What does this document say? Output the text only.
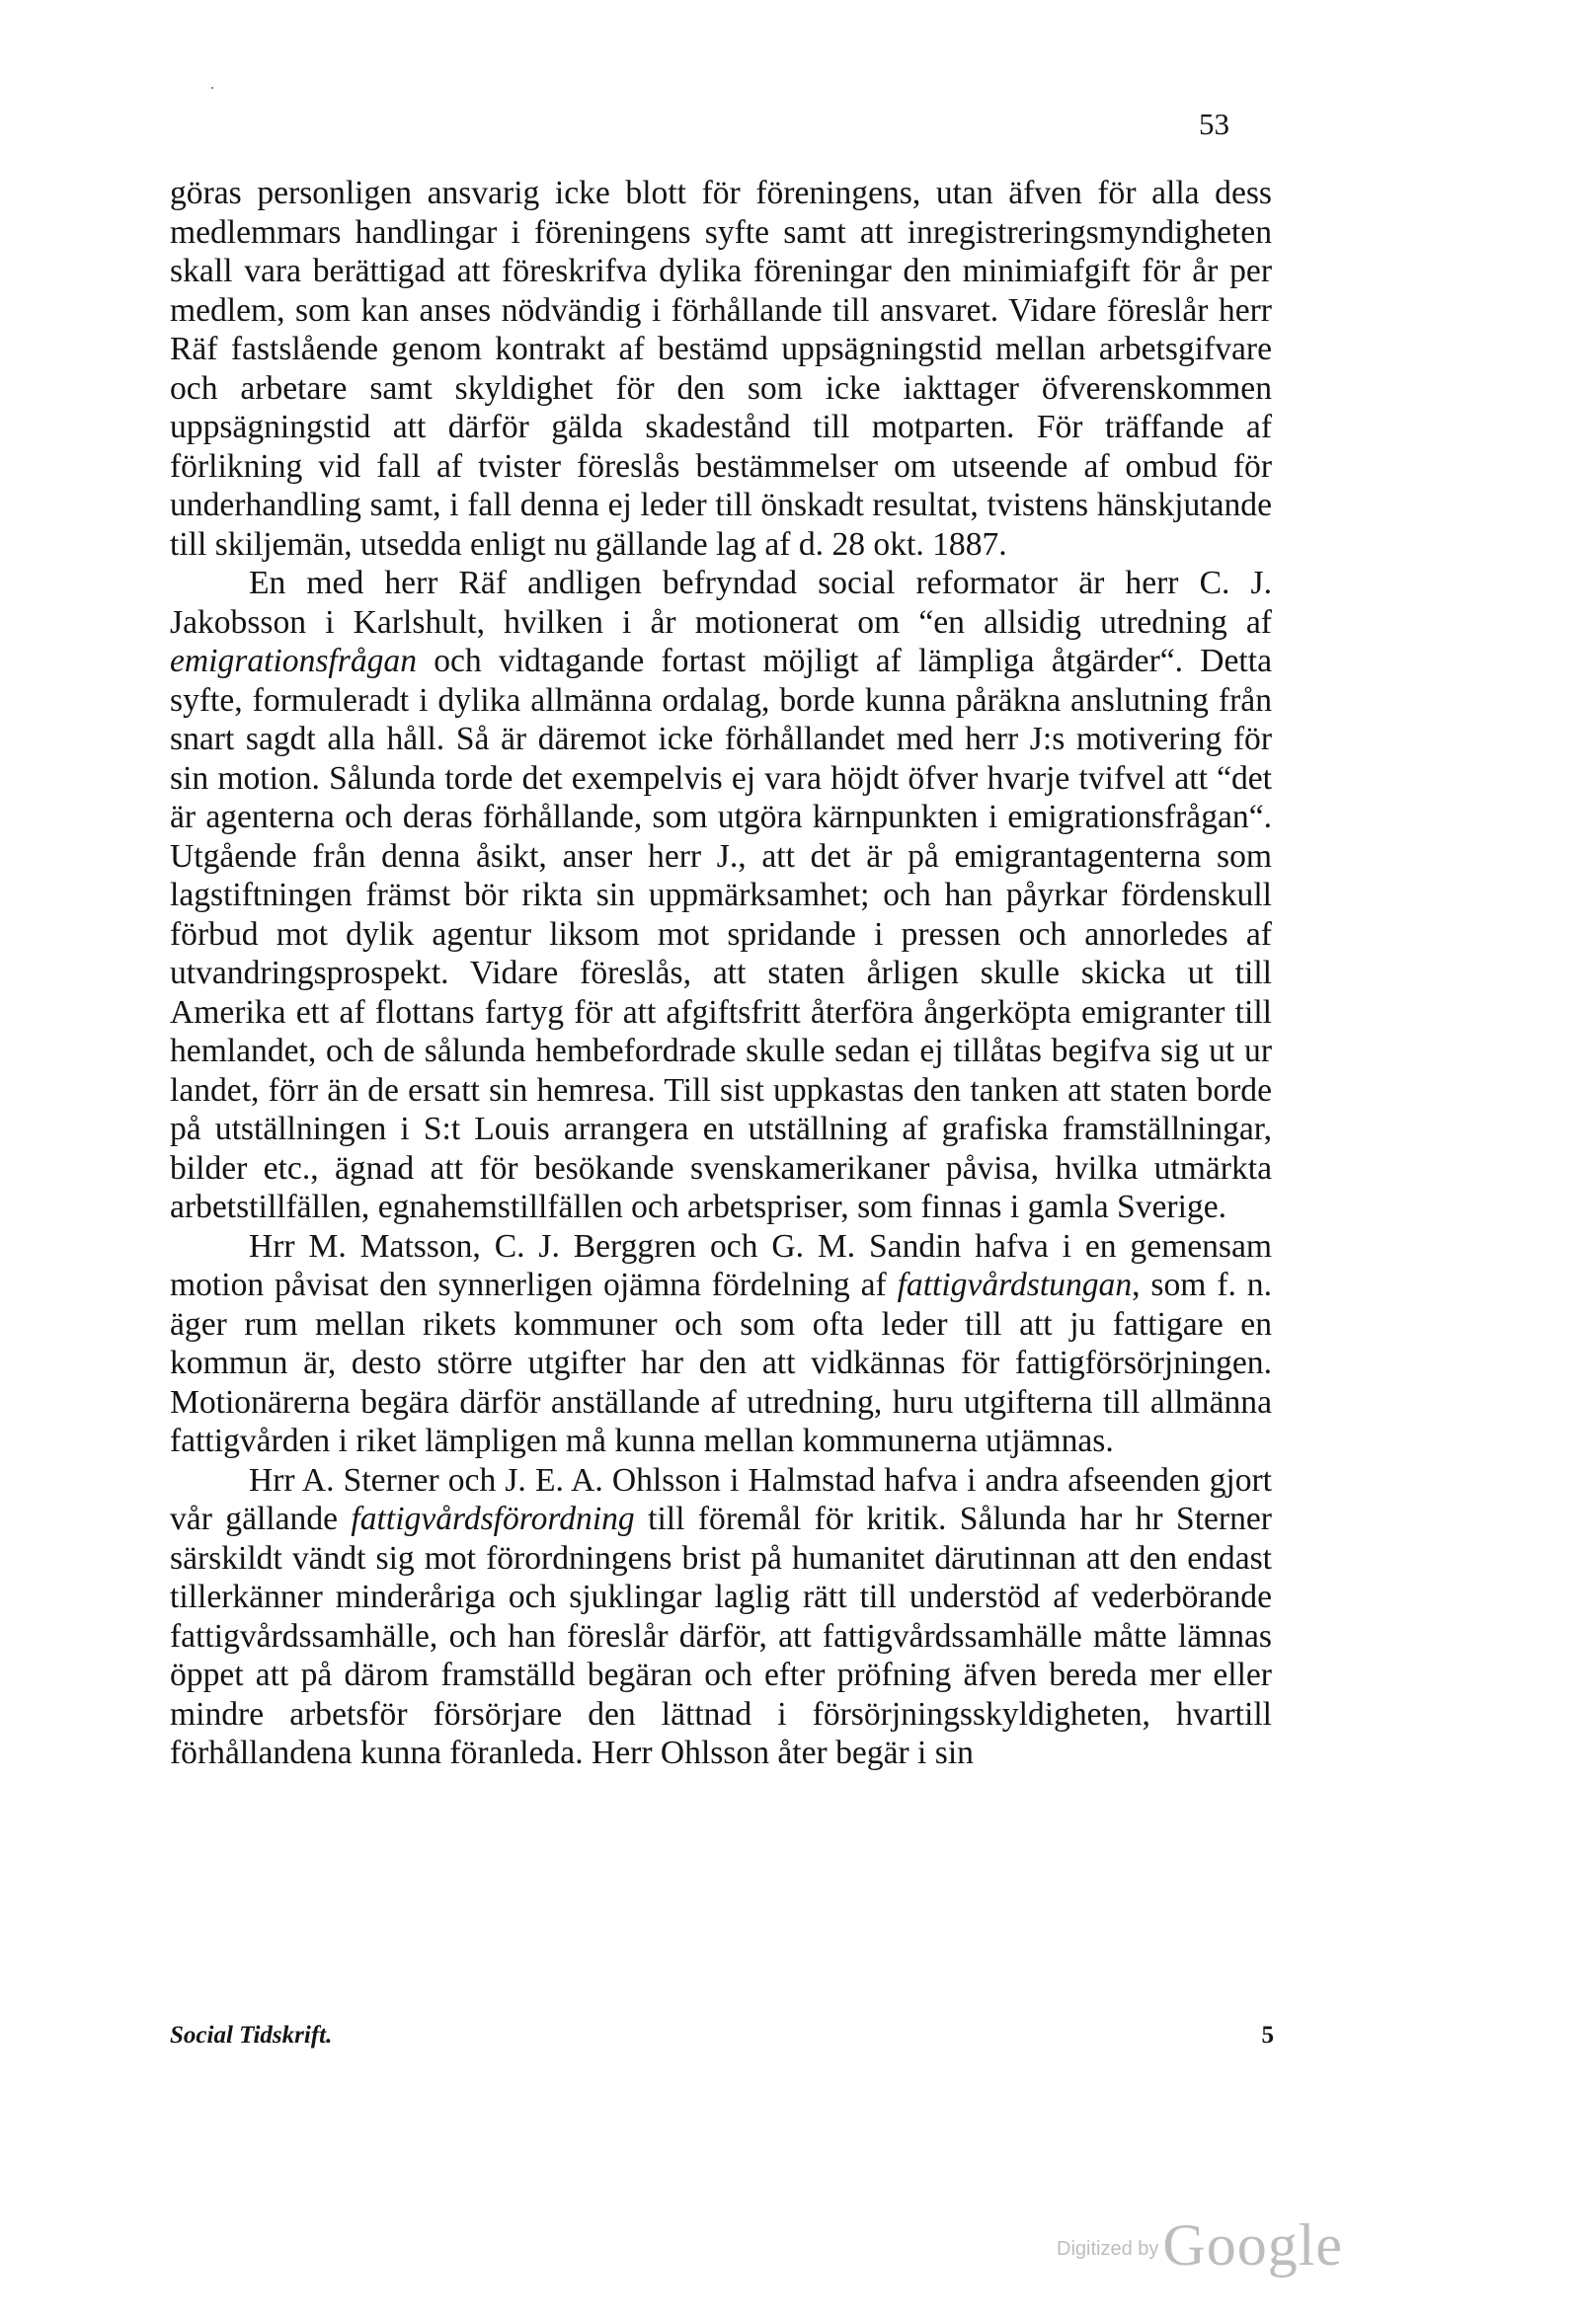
53

göras personligen ansvarig icke blott för föreningens, utan äfven för alla dess medlemmars handlingar i föreningens syfte samt att inregistreringsmyndigheten skall vara berättigad att föreskrifva dylika föreningar den minimiafgift för år per medlem, som kan anses nödvändig i förhållande till ansvaret. Vidare föreslår herr Räf fastslående genom kontrakt af bestämd uppsägningstid mellan arbetsgifvare och arbetare samt skyldighet för den som icke iakttager öfverenskommen uppsägningstid att därför gälda skadestånd till motparten. För träffande af förlikning vid fall af tvister föreslås bestämmelser om utseende af ombud för underhandling samt, i fall denna ej leder till önskadt resultat, tvistens hänskjutande till skiljemän, utsedda enligt nu gällande lag af d. 28 okt. 1887.

En med herr Räf andligen befryndad social reformator är herr C. J. Jakobsson i Karlshult, hvilken i år motionerat om “en allsidig utredning af emigrationsfrågan och vidtagande fortast möjligt af lämpliga åtgärder“. Detta syfte, formuleradt i dylika allmänna ordalag, borde kunna påräkna anslutning från snart sagdt alla håll. Så är däremot icke förhållandet med herr J:s motivering för sin motion. Sålunda torde det exempelvis ej vara höjdt öfver hvarje tvifvel att “det är agenterna och deras förhållande, som utgöra kärnpunkten i emigrationsfrågan“. Utgående från denna åsikt, anser herr J., att det är på emigrantagenterna som lagstiftningen främst bör rikta sin uppmärksamhet; och han påyrkar fördenskull förbud mot dylik agentur liksom mot spridande i pressen och annorledes af utvandringsprospekt. Vidare föreslås, att staten årligen skulle skicka ut till Amerika ett af flottans fartyg för att afgiftsfritt återföra ångerköpta emigranter till hemlandet, och de sålunda hembefordrade skulle sedan ej tillåtas begifva sig ut ur landet, förr än de ersatt sin hemresa. Till sist uppkastas den tanken att staten borde på utställningen i S:t Louis arrangera en utställning af grafiska framställningar, bilder etc., ägnad att för besökande svenskamerikaner påvisa, hvilka utmärkta arbetstillfällen, egnahemstillfällen och arbetspriser, som finnas i gamla Sverige.

Hrr M. Matsson, C. J. Berggren och G. M. Sandin hafva i en gemensam motion påvisat den synnerligen ojämna fördelning af fattigvårdstungan, som f. n. äger rum mellan rikets kommuner och som ofta leder till att ju fattigare en kommun är, desto större utgifter har den att vidkännas för fattigförsörjningen. Motionärerna begära därför anställande af utredning, huru utgifterna till allmänna fattigvården i riket lämpligen må kunna mellan kommunerna utjämnas.

Hrr A. Sterner och J. E. A. Ohlsson i Halmstad hafva i andra afseenden gjort vår gällande fattigvårdsförordning till föremål för kritik. Sålunda har hr Sterner särskildt vändt sig mot förordningens brist på humanitet därutinnan att den endast tillerkänner minderåriga och sjuklingar laglig rätt till understöd af vederbörande fattigvårdssamhälle, och han föreslår därför, att fattigvårdssamhälle måtte lämnas öppet att på därom framställd begäran och efter pröfning äfven bereda mer eller mindre arbetsför försörjare den lättnad i försörjningsskyldigheten, hvartill förhållandena kunna föranleda. Herr Ohlsson åter begär i sin

Social Tidskrift.	5
Digitized by Google
